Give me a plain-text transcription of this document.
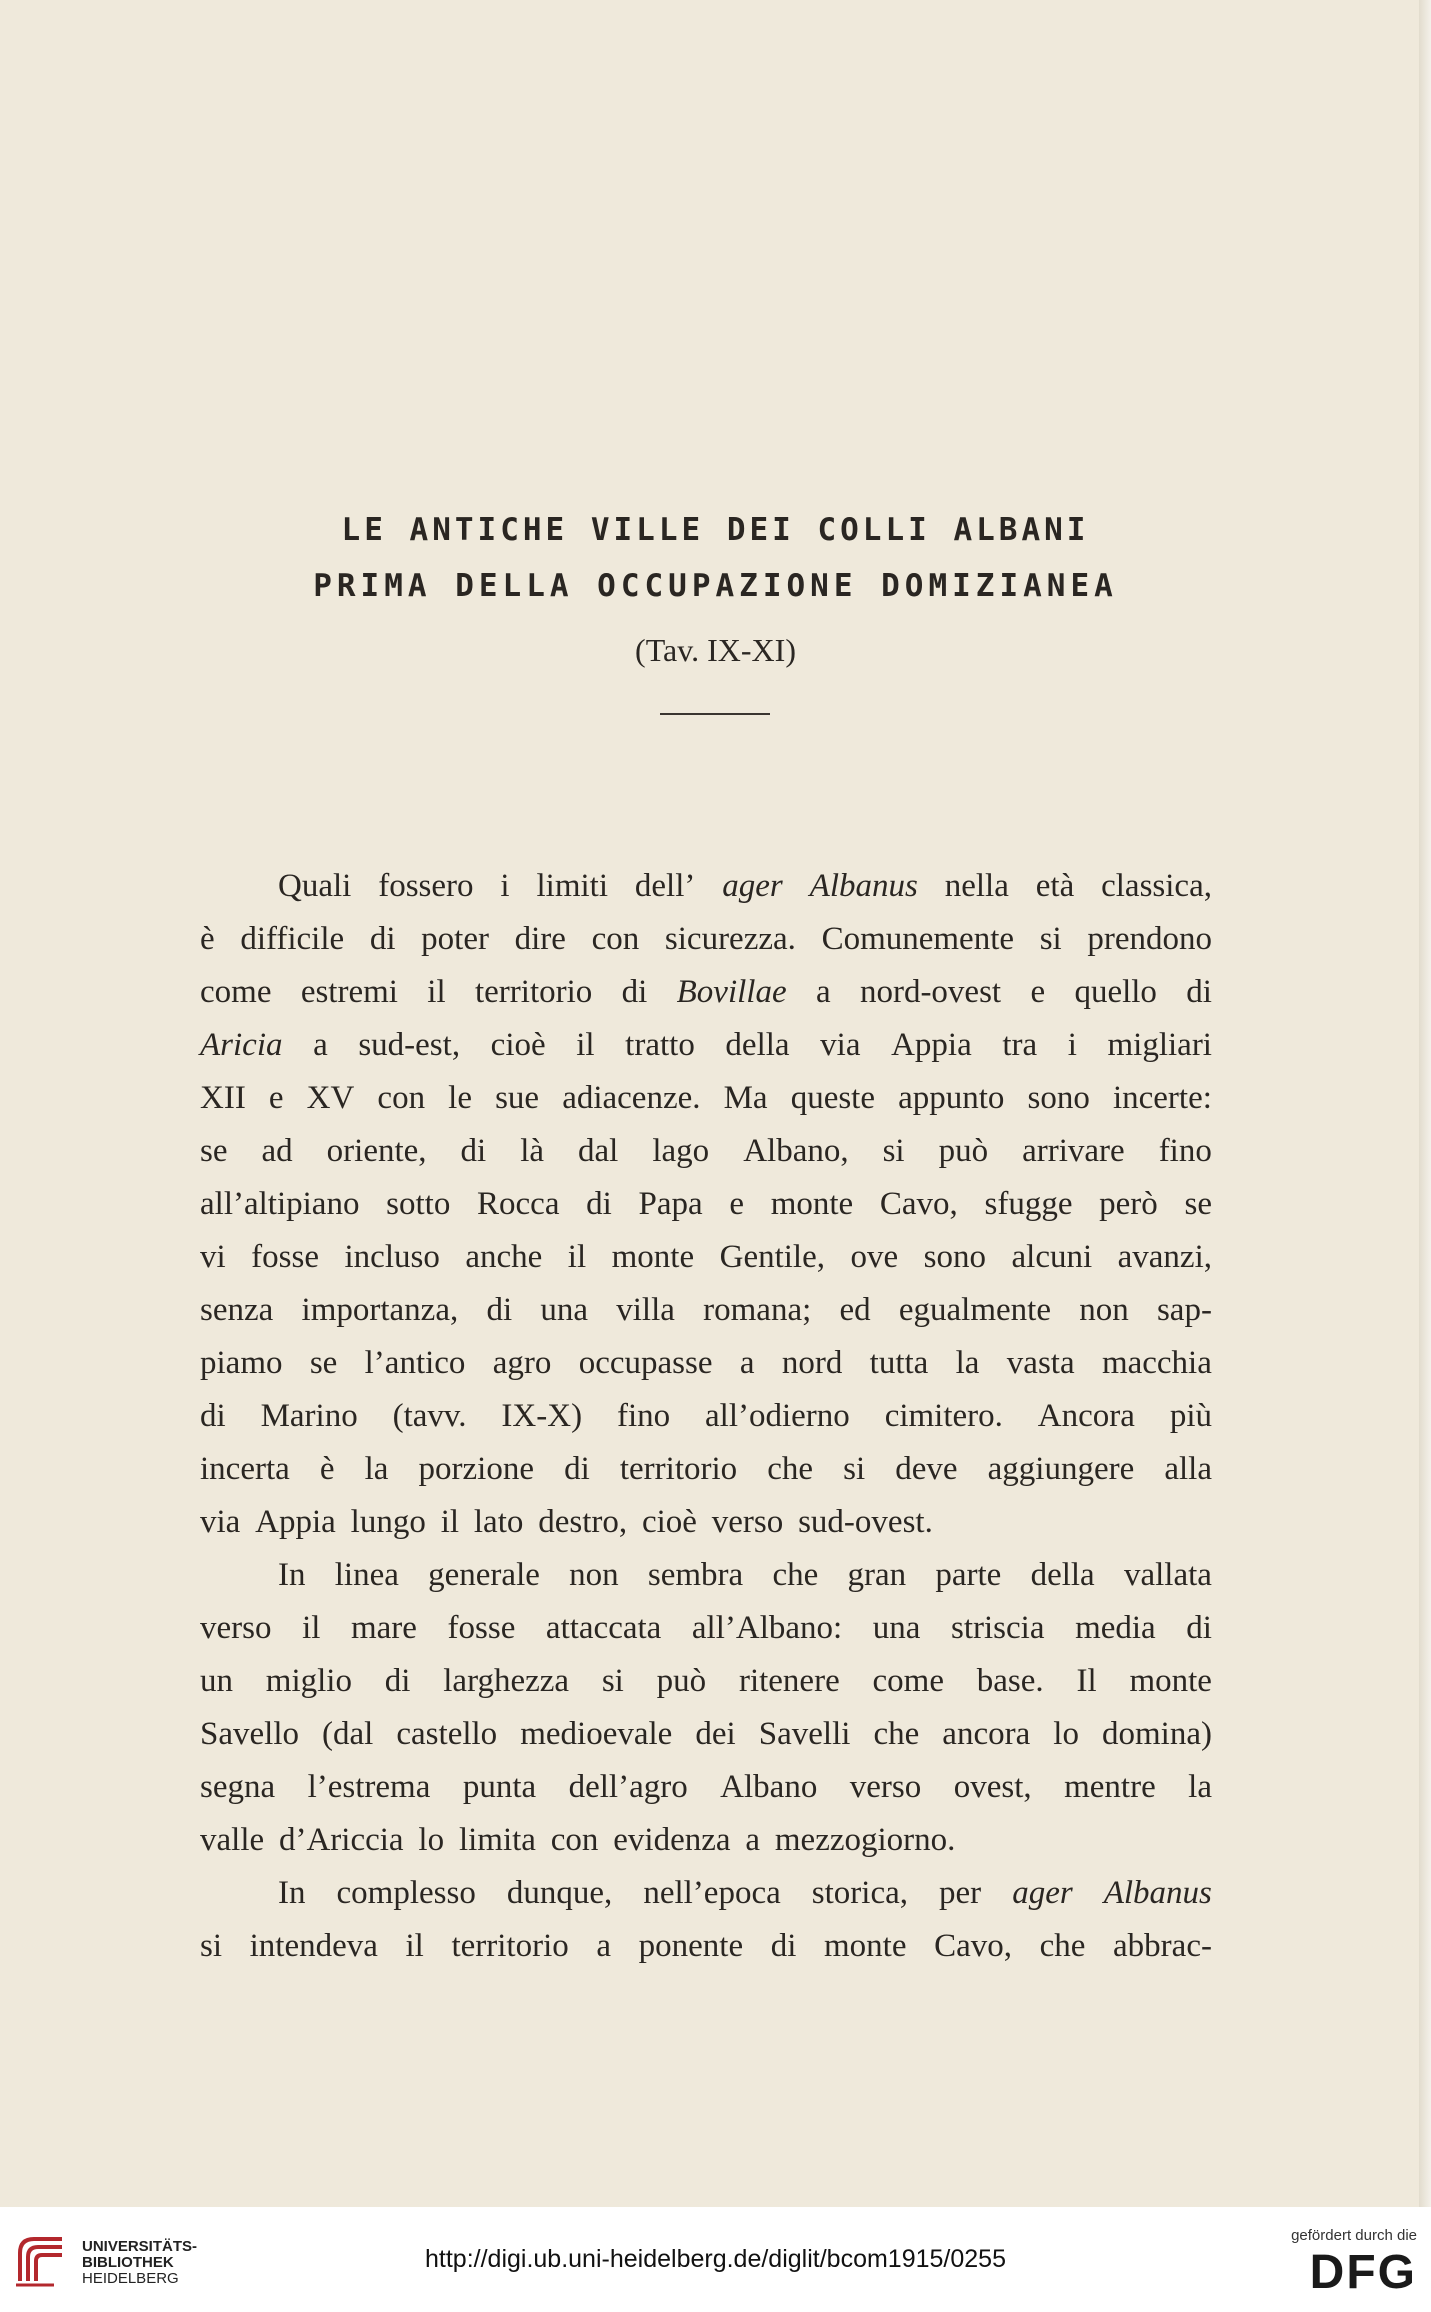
LE ANTICHE VILLE DEI COLLI ALBANI
PRIMA DELLA OCCUPAZIONE DOMIZIANEA
(Tav. IX-XI)
Quali fossero i limiti dell’ ager Albanus nella età classica,
è difficile di poter dire con sicurezza. Comunemente si prendono
come estremi il territorio di Bovillae a nord-ovest e quello di
Aricia a sud-est, cioè il tratto della via Appia tra i migliari
XII e XV con le sue adiacenze. Ma queste appunto sono incerte:
se ad oriente, di là dal lago Albano, si può arrivare fino
all’altipiano sotto Rocca di Papa e monte Cavo, sfugge però se
vi fosse incluso anche il monte Gentile, ove sono alcuni avanzi,
senza importanza, di una villa romana; ed egualmente non sap-
piamo se l’antico agro occupasse a nord tutta la vasta macchia
di Marino (tavv. IX-X) fino all’odierno cimitero. Ancora più
incerta è la porzione di territorio che si deve aggiungere alla
via Appia lungo il lato destro, cioè verso sud-ovest.
In linea generale non sembra che gran parte della vallata
verso il mare fosse attaccata all’Albano: una striscia media di
un miglio di larghezza si può ritenere come base. Il monte
Savello (dal castello medioevale dei Savelli che ancora lo domina)
segna l’estrema punta dell’agro Albano verso ovest, mentre la
valle d’Ariccia lo limita con evidenza a mezzogiorno.
In complesso dunque, nell’epoca storica, per ager Albanus
si intendeva il territorio a ponente di monte Cavo, che abbrac-
UNIVERSITÄTS-
BIBLIOTHEK
HEIDELBERG
http://digi.ub.uni-heidelberg.de/diglit/bcom1915/0255
gefördert durch die
DFG
